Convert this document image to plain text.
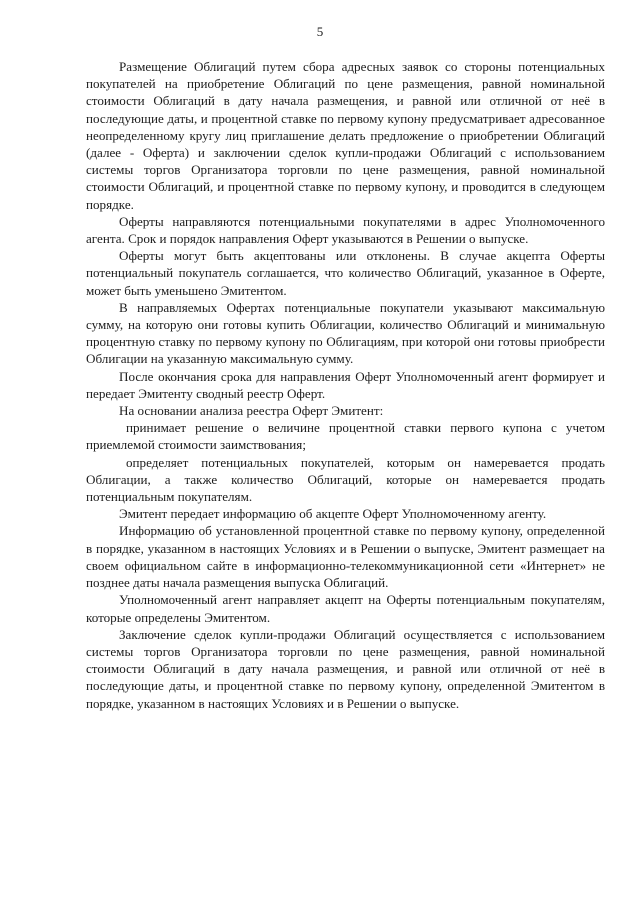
5

Размещение Облигаций путем сбора адресных заявок со стороны потенциальных покупателей на приобретение Облигаций по цене размещения, равной номинальной стоимости Облигаций в дату начала размещения, и равной или отличной от неё в последующие даты, и процентной ставке по первому купону предусматривает адресованное неопределенному кругу лиц приглашение делать предложение о приобретении Облигаций (далее - Оферта) и заключении сделок купли-продажи Облигаций с использованием системы торгов Организатора торговли по цене размещения, равной номинальной стоимости Облигаций, и процентной ставке по первому купону, и проводится в следующем порядке.

Оферты направляются потенциальными покупателями в адрес Уполномоченного агента. Срок и порядок направления Оферт указываются в Решении о выпуске.

Оферты могут быть акцептованы или отклонены. В случае акцепта Оферты потенциальный покупатель соглашается, что количество Облигаций, указанное в Оферте, может быть уменьшено Эмитентом.

В направляемых Офертах потенциальные покупатели указывают максимальную сумму, на которую они готовы купить Облигации, количество Облигаций и минимальную процентную ставку по первому купону по Облигациям, при которой они готовы приобрести Облигации на указанную максимальную сумму.

После окончания срока для направления Оферт Уполномоченный агент формирует и передает Эмитенту сводный реестр Оферт.

На основании анализа реестра Оферт Эмитент:

принимает решение о величине процентной ставки первого купона с учетом приемлемой стоимости заимствования;

определяет потенциальных покупателей, которым он намеревается продать Облигации, а также количество Облигаций, которые он намеревается продать потенциальным покупателям.

Эмитент передает информацию об акцепте Оферт Уполномоченному агенту.

Информацию об установленной процентной ставке по первому купону, определенной в порядке, указанном в настоящих Условиях и в Решении о выпуске, Эмитент размещает на своем официальном сайте в информационно-телекоммуникационной сети «Интернет» не позднее даты начала размещения выпуска Облигаций.

Уполномоченный агент направляет акцепт на Оферты потенциальным покупателям, которые определены Эмитентом.

Заключение сделок купли-продажи Облигаций осуществляется с использованием системы торгов Организатора торговли по цене размещения, равной номинальной стоимости Облигаций в дату начала размещения, и равной или отличной от неё в последующие даты, и процентной ставке по первому купону, определенной Эмитентом в порядке, указанном в настоящих Условиях и в Решении о выпуске.
